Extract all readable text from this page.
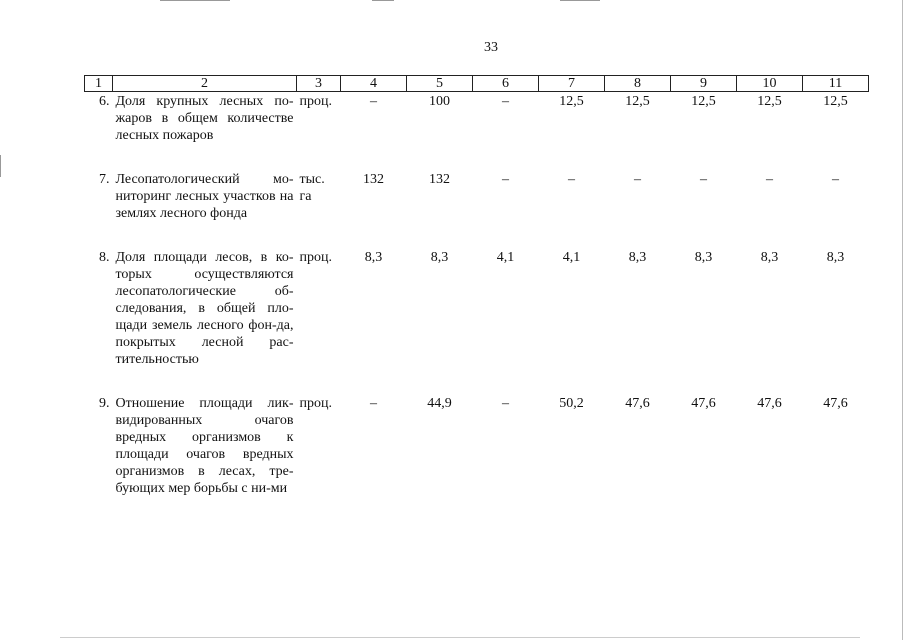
33
1	2	3	4	5	6	7	8	9	10	11
6.	Доля крупных лесных по-жаров в общем количестве лесных пожаров	проц.	–	100	–	12,5	12,5	12,5	12,5	12,5

7.	Лесопатологический мо-ниторинг лесных участков на землях лесного фонда	тыс. га	132	132	–	–	–	–	–	–

8.	Доля площади лесов, в ко-торых осуществляются лесопатологические об-следования, в общей пло-щади земель лесного фон-да, покрытых лесной рас-тительностью	проц.	8,3	8,3	4,1	4,1	8,3	8,3	8,3	8,3

9.	Отношение площади лик-видированных очагов вредных организмов к площади очагов вредных организмов в лесах, тре-бующих мер борьбы с ни-ми	проц.	–	44,9	–	50,2	47,6	47,6	47,6	47,6
